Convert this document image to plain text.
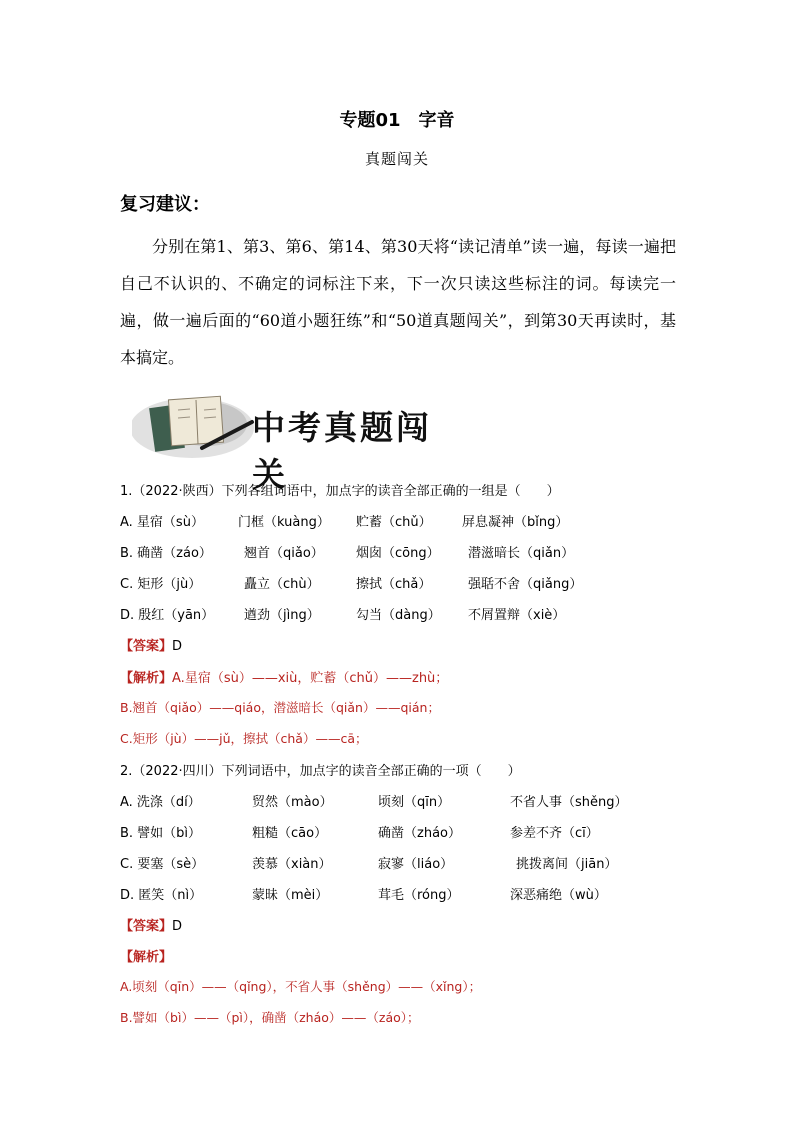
专题01　字音
真题闯关
复习建议：
分别在第1、第3、第6、第14、第30天将“读记清单”读一遍，每读一遍把自己不认识的、不确定的词标注下来，下一次只读这些标注的词。每读完一遍，做一遍后面的“60道小题狂练”和“50道真题闯关”，到第30天再读时，基本搞定。
中考真题闯关
1.（2022·陕西）下列各组词语中，加点字的读音全部正确的一组是（　　）
A. 星宿（sù）	门框（kuàng） 贮蓄（chǔ） 屏息凝神（bǐng）
B. 确凿（záo） 翘首（qiǎo） 烟囱（cōng） 潜滋暗长（qiǎn）
C. 矩形（jù）	矗立（chù）	擦拭（chǎ）	强聒不舍（qiǎng）
D. 殷红（yān） 遒劲（jìng）	勾当（dàng） 不屑置辩（xiè）
【答案】D
【解析】A.星宿（sù）——xiù，贮蓄（chǔ）——zhù；
B.翘首（qiǎo）——qiáo，潜滋暗长（qiǎn）——qián；
C.矩形（jù）——jǔ，擦拭（chǎ）——cā；
2.（2022·四川）下列词语中，加点字的读音全部正确的一项（　　）
A. 洗涤（dí）	贸然（mào）	顷刻（qīn）	不省人事（shěng）
B. 譬如（bì）	粗糙（cāo）	确凿（zháo）	参差不齐（cī）
C. 要塞（sè）	羡慕（xiàn）	寂寥（liáo）	挑拨离间（jiān）
D. 匿笑（nì）	蒙昧（mèi）	茸毛（róng）	深恶痛绝（wù）
【答案】D
【解析】
A.顷刻（qīn）——（qǐng），不省人事（shěng）——（xǐng）；
B.譬如（bì）——（pì），确凿（zháo）——（záo）；
